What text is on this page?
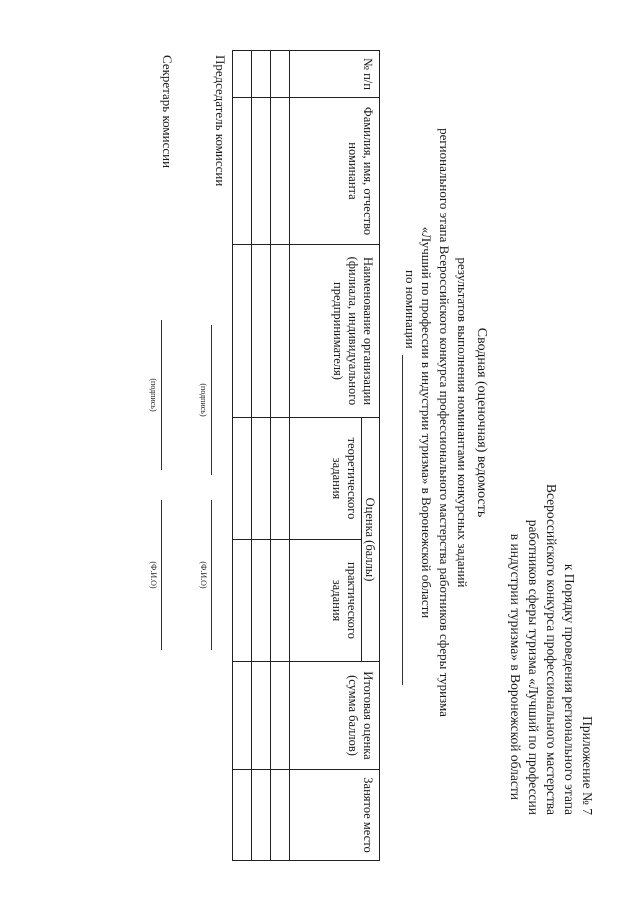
Приложение № 7
к Порядку проведения регионального этапа
Всероссийского конкурса профессионального мастерства
работников сферы туризма «Лучший по профессии
в индустрии туризма» в Воронежской области
Сводная (оценочная) ведомость
результатов выполнения номинантами конкурсных заданий
регионального этапа Всероссийского конкурса профессионального мастерства работников сферы туризма
«Лучший по профессии в индустрии туризма» в Воронежской области
по номинации
№ п/п	Фамилия, имя, отчество номинанта	Наименование организации (филиала, индивидуального предпринимателя)	Оценка (баллы)		Итоговая оценка (сумма баллов)	Занятое место
			теоретического задания	практического задания		

Председатель комиссии
(подпись)
(Ф.И.О)
Секретарь комиссии
(подпись)
(Ф.И.О)
